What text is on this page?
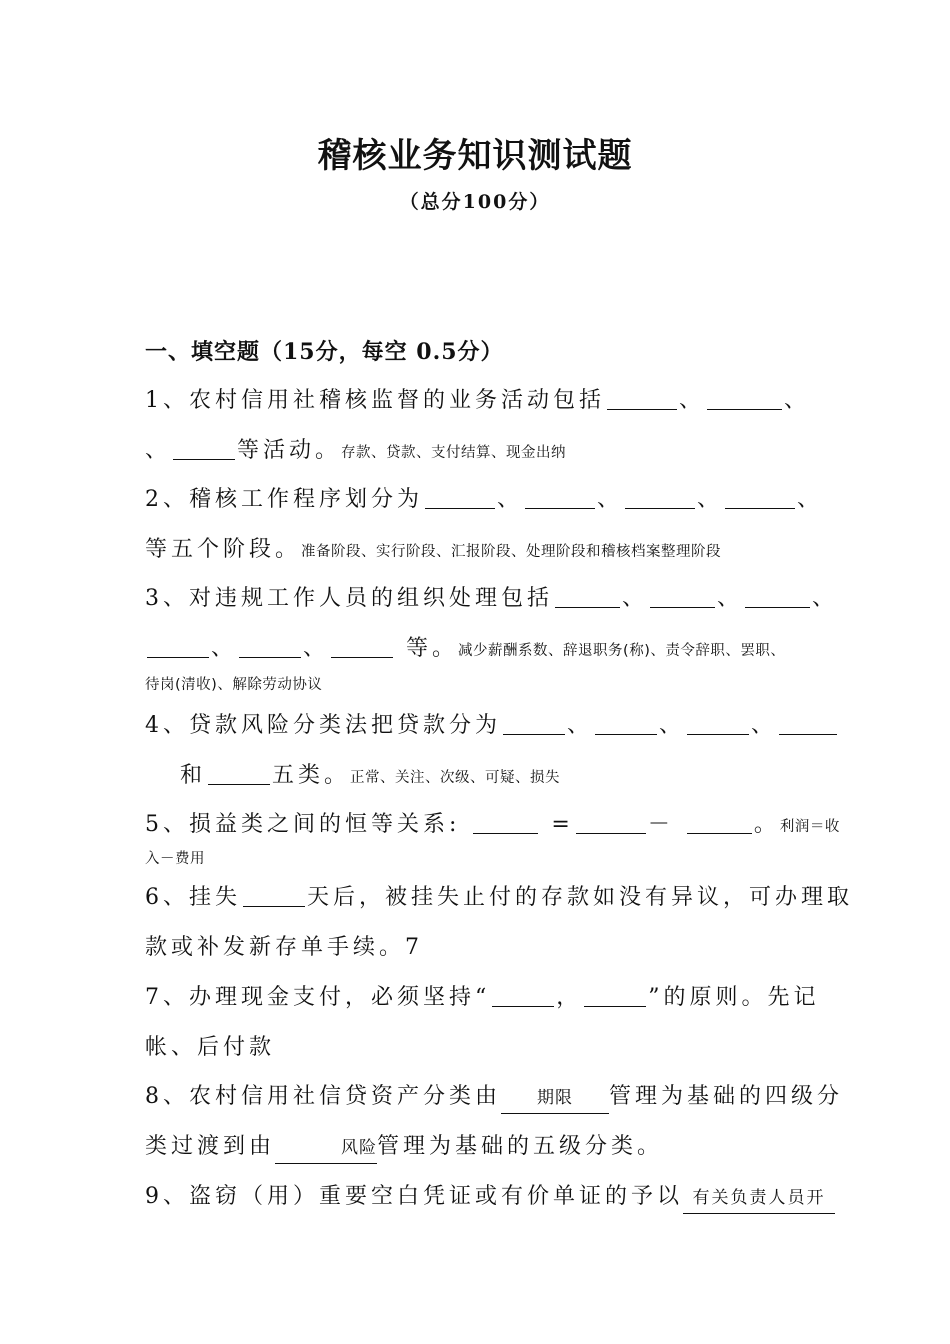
稽核业务知识测试题
（总分100分）
一、填空题（15分，每空 0.5分）
1、农村信用社稽核监督的业务活动包括	、	、
、	等活动。存款、贷款、支付结算、现金出纳
2、稽核工作程序划分为	、	、	、	、
等五个阶段。准备阶段、实行阶段、汇报阶段、处理阶段和稽核档案整理阶段
3、对违规工作人员的组织处理包括	、	、	、
、	、	等。减少薪酬系数、辞退职务(称)、责令辞职、罢职、
待岗(清收)、解除劳动协议
4、贷款风险分类法把贷款分为	、	、	、
和	五类。正常、关注、次级、可疑、损失
5、损益类之间的恒等关系:	=	－	。利润＝收
入－费用
6、挂失	天后，被挂失止付的存款如没有异议，可办理取
款或补发新存单手续。7
7、办理现金支付，必须坚持“	，	”的原则。先记
帐、后付款
8、农村信用社信贷资产分类由 期限 管理为基础的四级分
类过渡到由	风险管理为基础的五级分类。
9、盗窃（用）重要空白凭证或有价单证的予以 有关负责人员开
